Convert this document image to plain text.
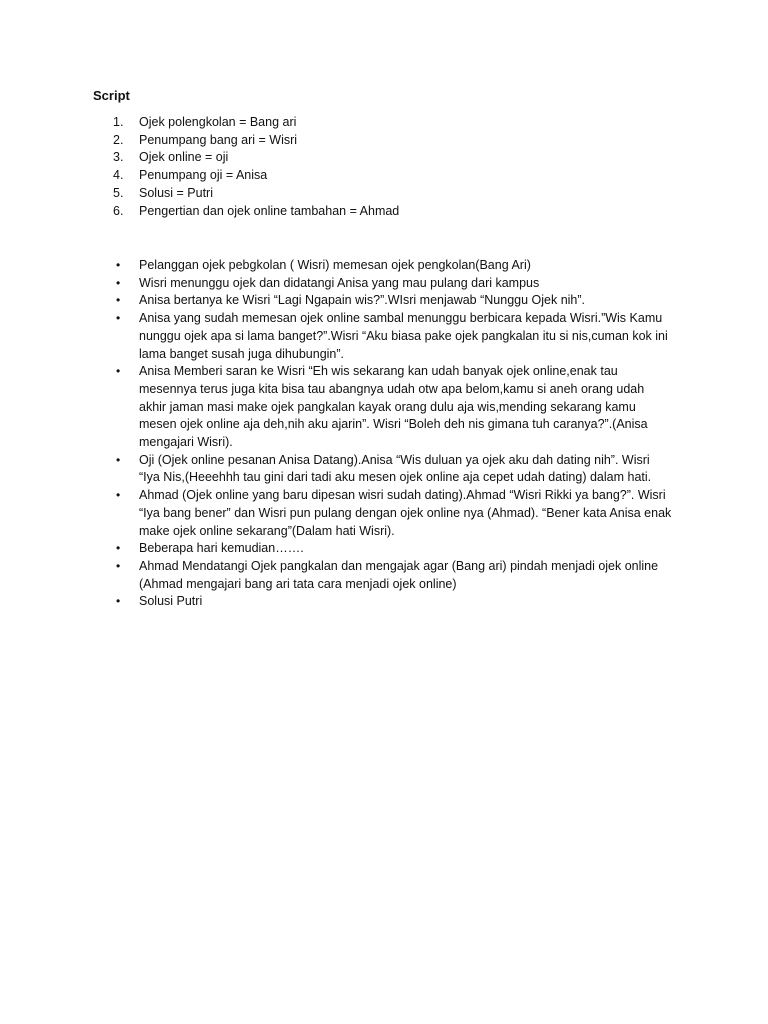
Script
1. Ojek polengkolan = Bang ari
2. Penumpang bang ari = Wisri
3. Ojek online = oji
4. Penumpang oji = Anisa
5. Solusi = Putri
6. Pengertian dan ojek online tambahan = Ahmad
• Pelanggan ojek pebgkolan ( Wisri) memesan ojek pengkolan(Bang Ari)
• Wisri menunggu ojek dan didatangi Anisa yang mau pulang dari kampus
• Anisa bertanya ke Wisri “Lagi Ngapain wis?”.WIsri menjawab “Nunggu Ojek nih”.
• Anisa yang sudah memesan ojek online sambal menunggu berbicara kepada Wisri.”Wis Kamu nunggu ojek apa si lama banget?”.Wisri “Aku biasa pake ojek pangkalan itu si nis,cuman kok ini lama banget susah juga dihubungin”.
• Anisa Memberi saran ke Wisri “Eh wis sekarang kan udah banyak ojek online,enak tau mesennya terus juga kita bisa tau abangnya udah otw apa belom,kamu si aneh orang udah akhir jaman masi make ojek pangkalan kayak orang dulu aja wis,mending sekarang kamu mesen ojek online aja deh,nih aku ajarin”. Wisri “Boleh deh nis gimana tuh caranya?”.(Anisa mengajari Wisri).
• Oji (Ojek online pesanan Anisa Datang).Anisa “Wis duluan ya ojek aku dah dating nih”. Wisri “Iya Nis,(Heeehhh tau gini dari tadi aku mesen ojek online aja cepet udah dating) dalam hati.
• Ahmad (Ojek online yang baru dipesan wisri sudah dating).Ahmad “Wisri Rikki ya bang?”. Wisri “Iya bang bener” dan Wisri pun pulang dengan ojek online nya (Ahmad). “Bener kata Anisa enak make ojek online sekarang”(Dalam hati Wisri).
• Beberapa hari kemudian…….
• Ahmad Mendatangi Ojek pangkalan dan mengajak agar (Bang ari) pindah menjadi ojek online (Ahmad mengajari bang ari tata cara menjadi ojek online)
• Solusi Putri
